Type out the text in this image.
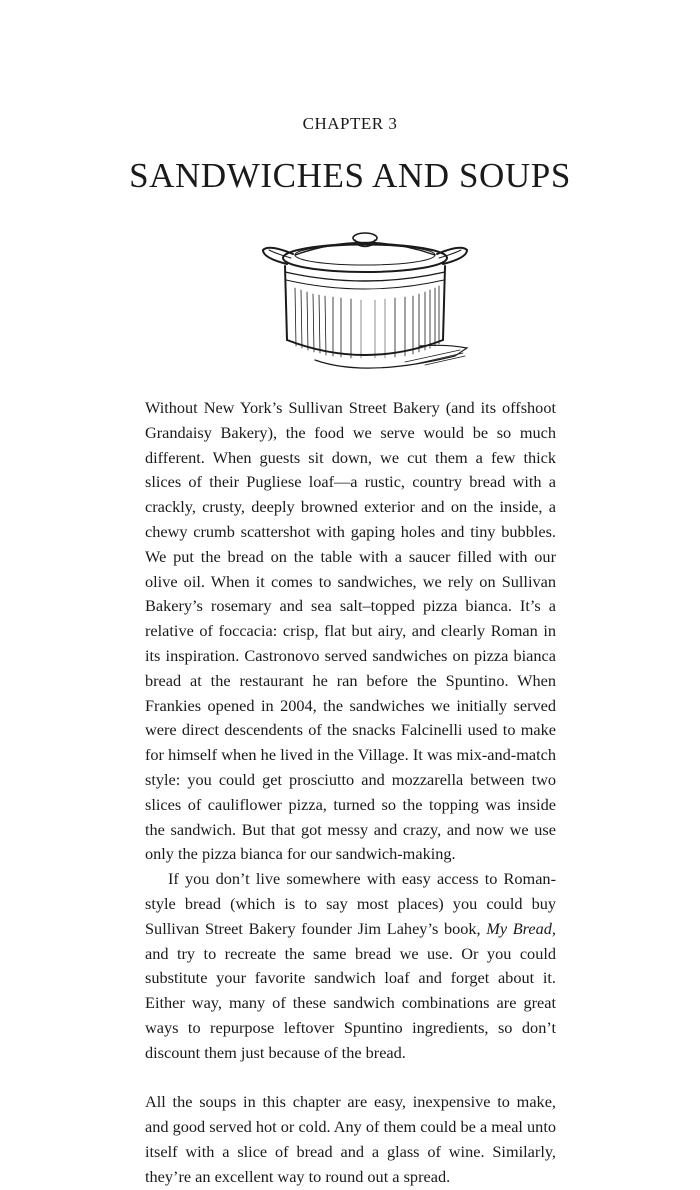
CHAPTER 3
SANDWICHES AND SOUPS

Without New York’s Sullivan Street Bakery (and its offshoot Grandaisy Bakery), the food we serve would be so much different. When guests sit down, we cut them a few thick slices of their Pugliese loaf—a rustic, country bread with a crackly, crusty, deeply browned exterior and on the inside, a chewy crumb scattershot with gaping holes and tiny bubbles. We put the bread on the table with a saucer filled with our olive oil. When it comes to sandwiches, we rely on Sullivan Bakery’s rosemary and sea salt–topped pizza bianca. It’s a relative of foccacia: crisp, flat but airy, and clearly Roman in its inspiration. Castronovo served sandwiches on pizza bianca bread at the restaurant he ran before the Spuntino. When Frankies opened in 2004, the sandwiches we initially served were direct descendents of the snacks Falcinelli used to make for himself when he lived in the Village. It was mix-and-match style: you could get prosciutto and mozzarella between two slices of cauliflower pizza, turned so the topping was inside the sandwich. But that got messy and crazy, and now we use only the pizza bianca for our sandwich-making.

If you don’t live somewhere with easy access to Roman-style bread (which is to say most places) you could buy Sullivan Street Bakery founder Jim Lahey’s book, My Bread, and try to recreate the same bread we use. Or you could substitute your favorite sandwich loaf and forget about it. Either way, many of these sandwich combinations are great ways to repurpose leftover Spuntino ingredients, so don’t discount them just because of the bread.

All the soups in this chapter are easy, inexpensive to make, and good served hot or cold. Any of them could be a meal unto itself with a slice of bread and a glass of wine. Similarly, they’re an excellent way to round out a spread.
